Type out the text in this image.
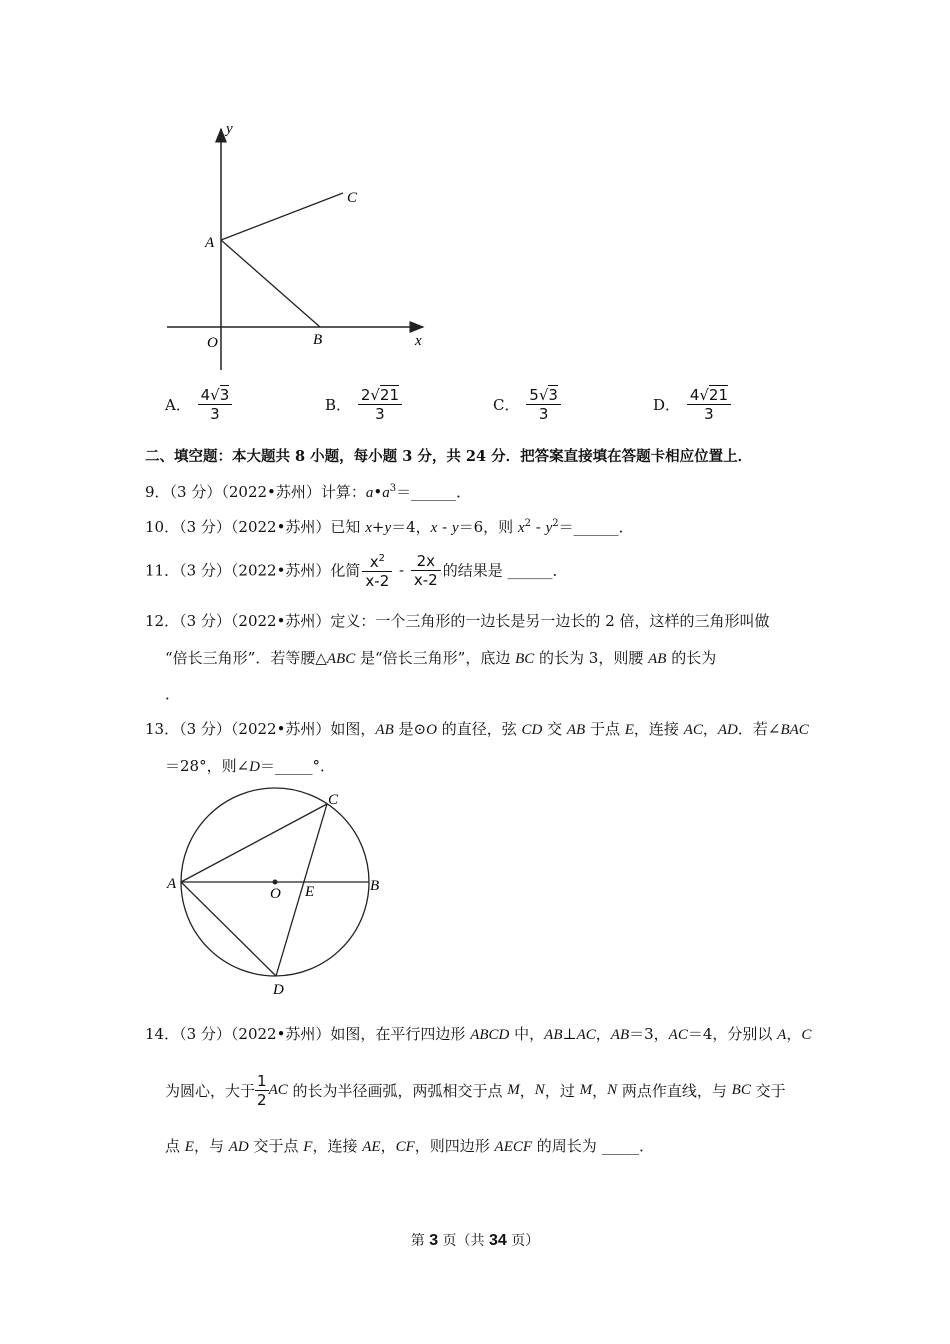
y
x
A
B
C
O
A． $\frac{4√3}{3}$	B． $\frac{2√21}{3}$	C． $\frac{5√3}{3}$	D． $\frac{4√21}{3}$
二、填空题：本大题共 8 小题，每小题 3 分，共 24 分．把答案直接填在答题卡相应位置上．
9．（3 分）（2022•苏州）计算：$a•a^3=\_\_\_\_\_\_$．
10．（3 分）（2022•苏州）已知 x+y＝4，x - y＝6，则 $x^2$ - $y^2=\_\_\_\_\_\_$．
11．（3 分）（2022•苏州）化简 $\frac{x^2}{x-2} - \frac{2x}{x-2}$ 的结果是 ______．
12．（3 分）（2022•苏州）定义：一个三角形的一边长是另一边长的 2 倍，这样的三角形叫做
“倍长三角形”．若等腰△ABC 是“倍长三角形”，底边 BC 的长为 3，则腰 AB 的长为
．
13．（3 分）（2022•苏州）如图，AB 是⊙O 的直径，弦 CD 交 AB 于点 E，连接 AC，AD．若∠BAC
＝28°，则∠D＝_____°．
A	B
C
D
O E
14．（3 分）（2022•苏州）如图，在平行四边形 ABCD 中，AB⊥AC，AB＝3，AC＝4，分别以 A，C
为圆心，大于 $\frac{1}{2}$ AC 的长为半径画弧，两弧相交于点 M，N，过 M，N 两点作直线，与 BC 交于
点 E，与 AD 交于点 F，连接 AE，CF，则四边形 AECF 的周长为 _____．
第 3 页（共 34 页）
